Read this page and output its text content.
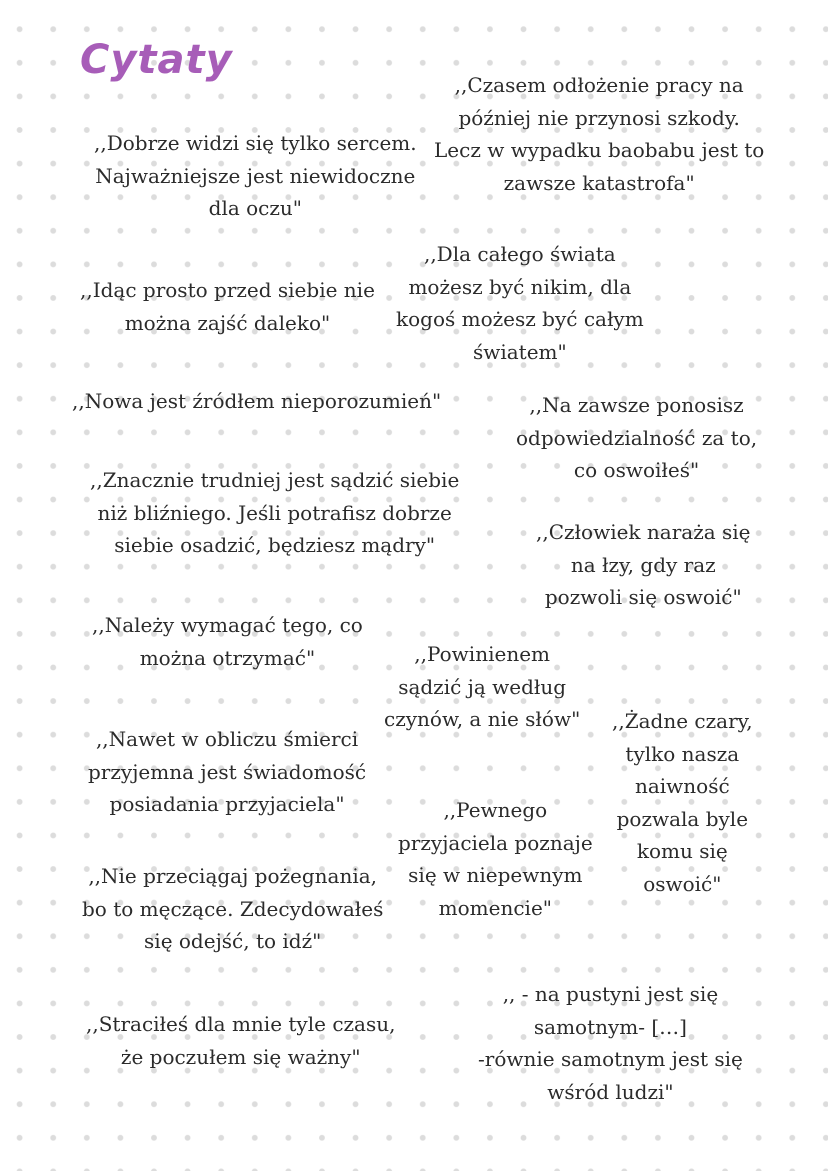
Cytaty

,,Czasem odłożenie pracy na
później nie przynosi szkody.
Lecz w wypadku baobabu jest to
zawsze katastrofa"

,,Dobrze widzi się tylko sercem.
Najważniejsze jest niewidoczne
dla oczu"

,,Dla całego świata
możesz być nikim, dla
kogoś możesz być całym
światem"

,,Idąc prosto przed siebie nie
można zajść daleko"

,,Nowa jest źródłem nieporozumień"	,,Na zawsze ponosisz
odpowiedzialność za to,
co oswoiłeś"

,,Znacznie trudniej jest sądzić siebie
niż bliźniego. Jeśli potrafisz dobrze
siebie osadzić, będziesz mądry"

,,Człowiek naraża się
na łzy, gdy raz
pozwoli się oswoić"

,,Należy wymagać tego, co
można otrzymać"	,,Powinienem
sądzić ją według
czynów, a nie słów" ,,Żadne czary,
tylko nasza
naiwność
pozwala byle
komu się
oswoić"

,,Nawet w obliczu śmierci
przyjemna jest świadomość
posiadania przyjaciela"	,,Pewnego
przyjaciela poznaje
się w niepewnym
momencie"

,,Nie przeciągaj pożegnania,
bo to męczące. Zdecydowałeś
się odejść, to idź"

,, - na pustyni jest się
samotnym- […]
-równie samotnym jest się
wśród ludzi"

,,Straciłeś dla mnie tyle czasu,
że poczułem się ważny"
